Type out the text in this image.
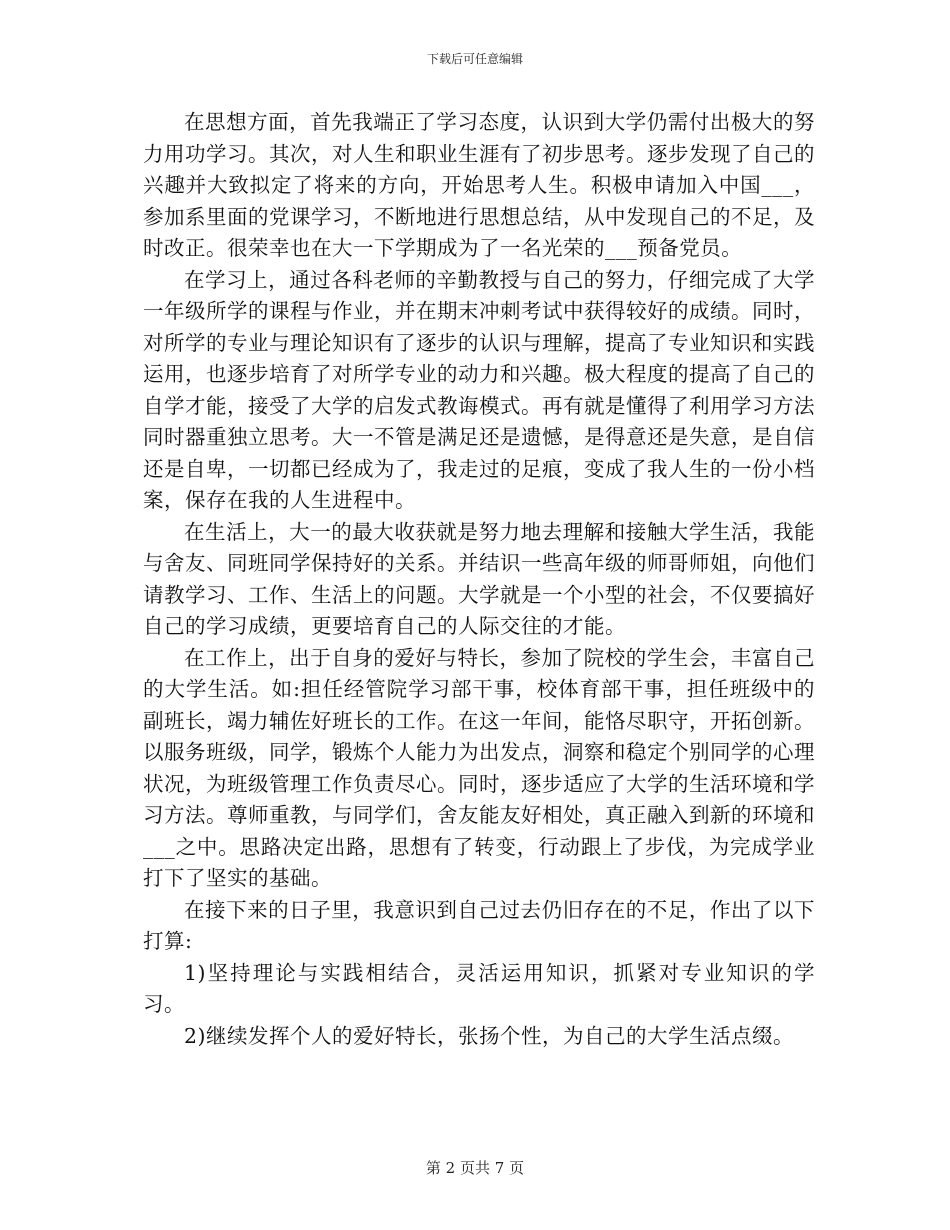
下载后可任意编辑

在思想方面，首先我端正了学习态度，认识到大学仍需付出极大的努力用功学习。其次，对人生和职业生涯有了初步思考。逐步发现了自己的兴趣并大致拟定了将来的方向，开始思考人生。积极申请加入中国___，参加系里面的党课学习，不断地进行思想总结，从中发现自己的不足，及时改正。很荣幸也在大一下学期成为了一名光荣的___预备党员。

在学习上，通过各科老师的辛勤教授与自己的努力，仔细完成了大学一年级所学的课程与作业，并在期末冲刺考试中获得较好的成绩。同时，对所学的专业与理论知识有了逐步的认识与理解，提高了专业知识和实践运用，也逐步培育了对所学专业的动力和兴趣。极大程度的提高了自己的自学才能，接受了大学的启发式教诲模式。再有就是懂得了利用学习方法同时器重独立思考。大一不管是满足还是遗憾，是得意还是失意，是自信还是自卑，一切都已经成为了，我走过的足痕，变成了我人生的一份小档案，保存在我的人生进程中。

在生活上，大一的最大收获就是努力地去理解和接触大学生活，我能与舍友、同班同学保持好的关系。并结识一些高年级的师哥师姐，向他们请教学习、工作、生活上的问题。大学就是一个小型的社会，不仅要搞好自己的学习成绩，更要培育自己的人际交往的才能。

在工作上，出于自身的爱好与特长，参加了院校的学生会，丰富自己的大学生活。如:担任经管院学习部干事，校体育部干事，担任班级中的副班长，竭力辅佐好班长的工作。在这一年间，能恪尽职守，开拓创新。以服务班级，同学，锻炼个人能力为出发点，洞察和稳定个别同学的心理状况，为班级管理工作负责尽心。同时，逐步适应了大学的生活环境和学习方法。尊师重教，与同学们，舍友能友好相处，真正融入到新的环境和___之中。思路决定出路，思想有了转变，行动跟上了步伐，为完成学业打下了坚实的基础。

在接下来的日子里，我意识到自己过去仍旧存在的不足，作出了以下打算:

1)坚持理论与实践相结合，灵活运用知识，抓紧对专业知识的学习。

2)继续发挥个人的爱好特长，张扬个性，为自己的大学生活点缀。

第 2 页共 7 页
